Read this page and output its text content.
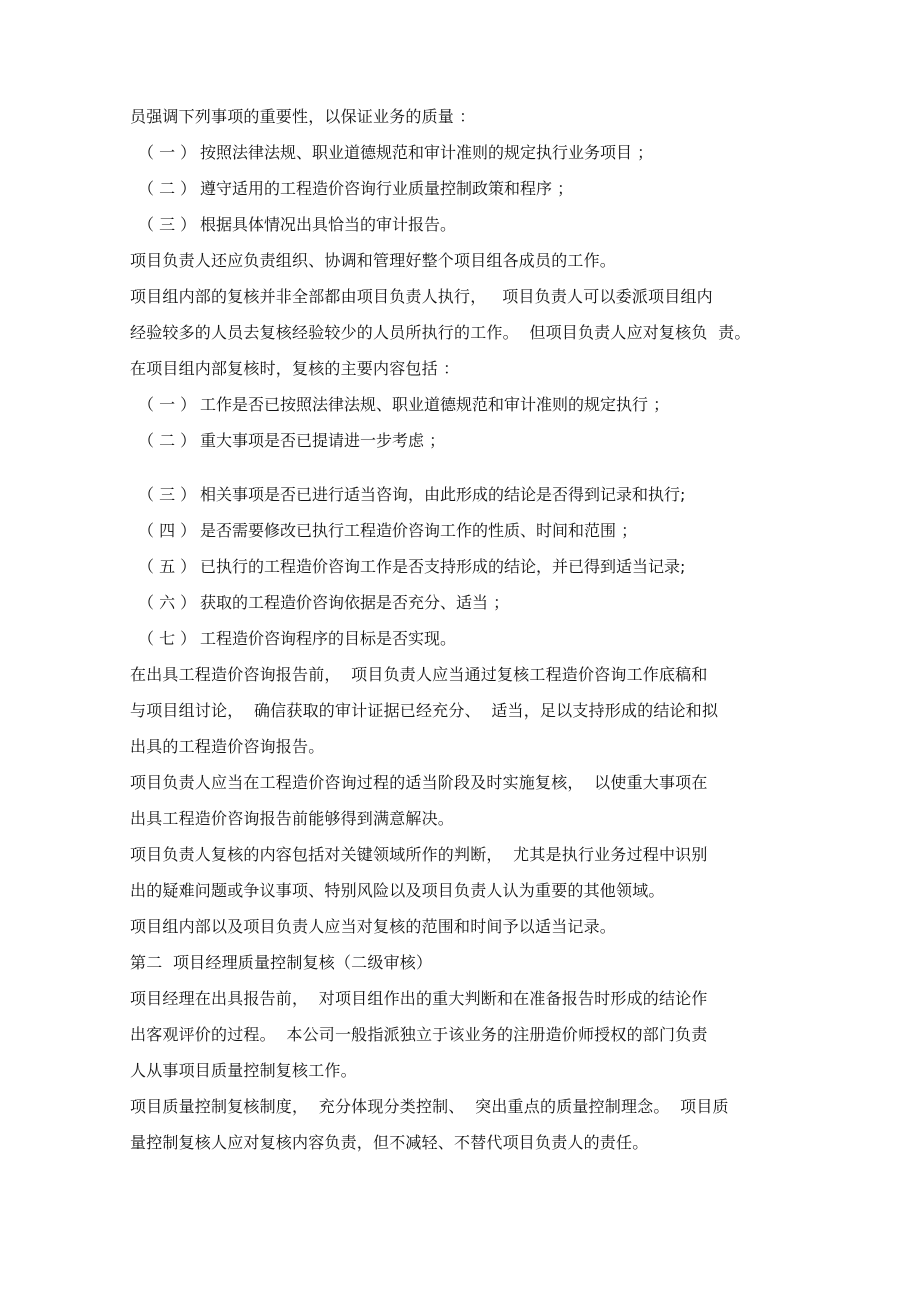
员强调下列事项的重要性，以保证业务的质量 ：
（ 一 ） 按照法律法规、职业道德规范和审计准则的规定执行业务项目 ；
（ 二 ） 遵守适用的工程造价咨询行业质量控制政策和程序 ；
（ 三 ） 根据具体情况出具恰当的审计报告。
项目负责人还应负责组织、协调和管理好整个项目组各成员的工作。
项目组内部的复核并非全部都由项目负责人执行，   项目负责人可以委派项目组内
经验较多的人员去复核经验较少的人员所执行的工作。  但项目负责人应对复核负  责。
在项目组内部复核时，复核的主要内容包括 ：
（ 一 ） 工作是否已按照法律法规、职业道德规范和审计准则的规定执行 ；
（ 二 ） 重大事项是否已提请进一步考虑 ；
（ 三 ） 相关事项是否已进行适当咨询，由此形成的结论是否得到记录和执行;
（ 四 ） 是否需要修改已执行工程造价咨询工作的性质、时间和范围 ；
（ 五 ） 已执行的工程造价咨询工作是否支持形成的结论，并已得到适当记录;
（ 六 ） 获取的工程造价咨询依据是否充分、适当 ；
（ 七 ） 工程造价咨询程序的目标是否实现。
在出具工程造价咨询报告前，  项目负责人应当通过复核工程造价咨询工作底稿和
与项目组讨论，  确信获取的审计证据已经充分、  适当，足以支持形成的结论和拟
出具的工程造价咨询报告。
项目负责人应当在工程造价咨询过程的适当阶段及时实施复核，  以使重大事项在
出具工程造价咨询报告前能够得到满意解决。
项目负责人复核的内容包括对关键领域所作的判断，  尤其是执行业务过程中识别
出的疑难问题或争议事项、特别风险以及项目负责人认为重要的其他领域。
项目组内部以及项目负责人应当对复核的范围和时间予以适当记录。
第二  项目经理质量控制复核（二级审核）
项目经理在出具报告前，  对项目组作出的重大判断和在准备报告时形成的结论作
出客观评价的过程。  本公司一般指派独立于该业务的注册造价师授权的部门负责
人从事项目质量控制复核工作。
项目质量控制复核制度，  充分体现分类控制、  突出重点的质量控制理念。  项目质
量控制复核人应对复核内容负责，但不减轻、不替代项目负责人的责任。
